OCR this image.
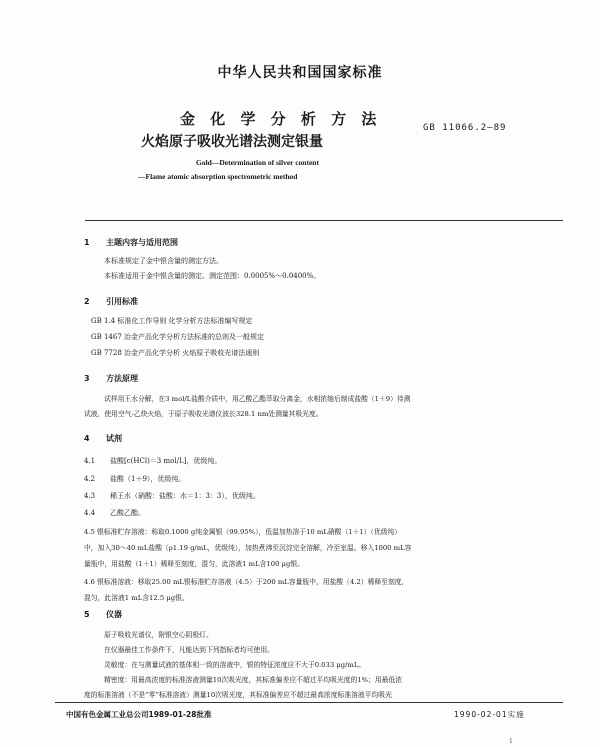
中华人民共和国国家标准
金 化 学 分 析 方 法
火焰原子吸收光谱法测定银量
GB 11066.2—89
Gold—Determination of silver content
—Flame atomic absorption spectrometric method
1 主题内容与适用范围
本标准规定了金中银含量的测定方法。
本标准适用于金中银含量的测定。测定范围：0.0005%～0.0400%。
2 引用标准
GB 1.4 标准化工作导则 化学分析方法标准编写规定
GB 1467 冶金产品化学分析方法标准的总则及一般规定
GB 7728 冶金产品化学分析 火焰原子吸收光谱法通则
3 方法原理
试样用王水分解，在3 mol/L盐酸介质中，用乙酸乙酯萃取分离金，水相浓缩后制成盐酸（1＋9）待测
试液，使用空气-乙炔火焰，于原子吸收光谱仪波长328.1 nm处测量其吸光度。
4 试剂
4.1 盐酸[c(HCl)＝3 mol/L]，优级纯。
4.2 盐酸（1＋9），优级纯。
4.3 稀王水（硝酸：盐酸：水＝1：3：3），优级纯。
4.4 乙酸乙酯。
4.5 银标准贮存溶液：称取0.1000 g纯金属银（99.95%），低温加热溶于10 mL硝酸（1＋1）（优级纯）
中，加入30～40 mL盐酸（ρ1.19 g/mL，优级纯），加热煮沸至沉淀完全溶解，冷至室温。移入1000 mL容
量瓶中，用盐酸（1＋1）稀释至刻度，混匀，此溶液1 mL含100 μg银。
4.6 银标准溶液：移取25.00 mL银标准贮存溶液（4.5）于200 mL容量瓶中，用盐酸（4.2）稀释至刻度，
混匀，此溶液1 mL含12.5 μg银。
5 仪器
原子吸收光谱仪，附银空心阴极灯。
在仪器最佳工作条件下，凡能达到下列指标者均可使用。
灵敏度：在与测量试液的基体相一致的溶液中，银的特征浓度应不大于0.033 μg/mL。
精密度：用最高浓度的标准溶液测量10次吸光度，其标准偏差应不超过平均吸光度的1%；用最低浓
度的标准溶液（不是“零”标准溶液）测量10次吸光度，其标准偏差应不超过最高浓度标准溶液平均吸光
中国有色金属工业总公司1989-01-28批准	1990-02-01实施
1
